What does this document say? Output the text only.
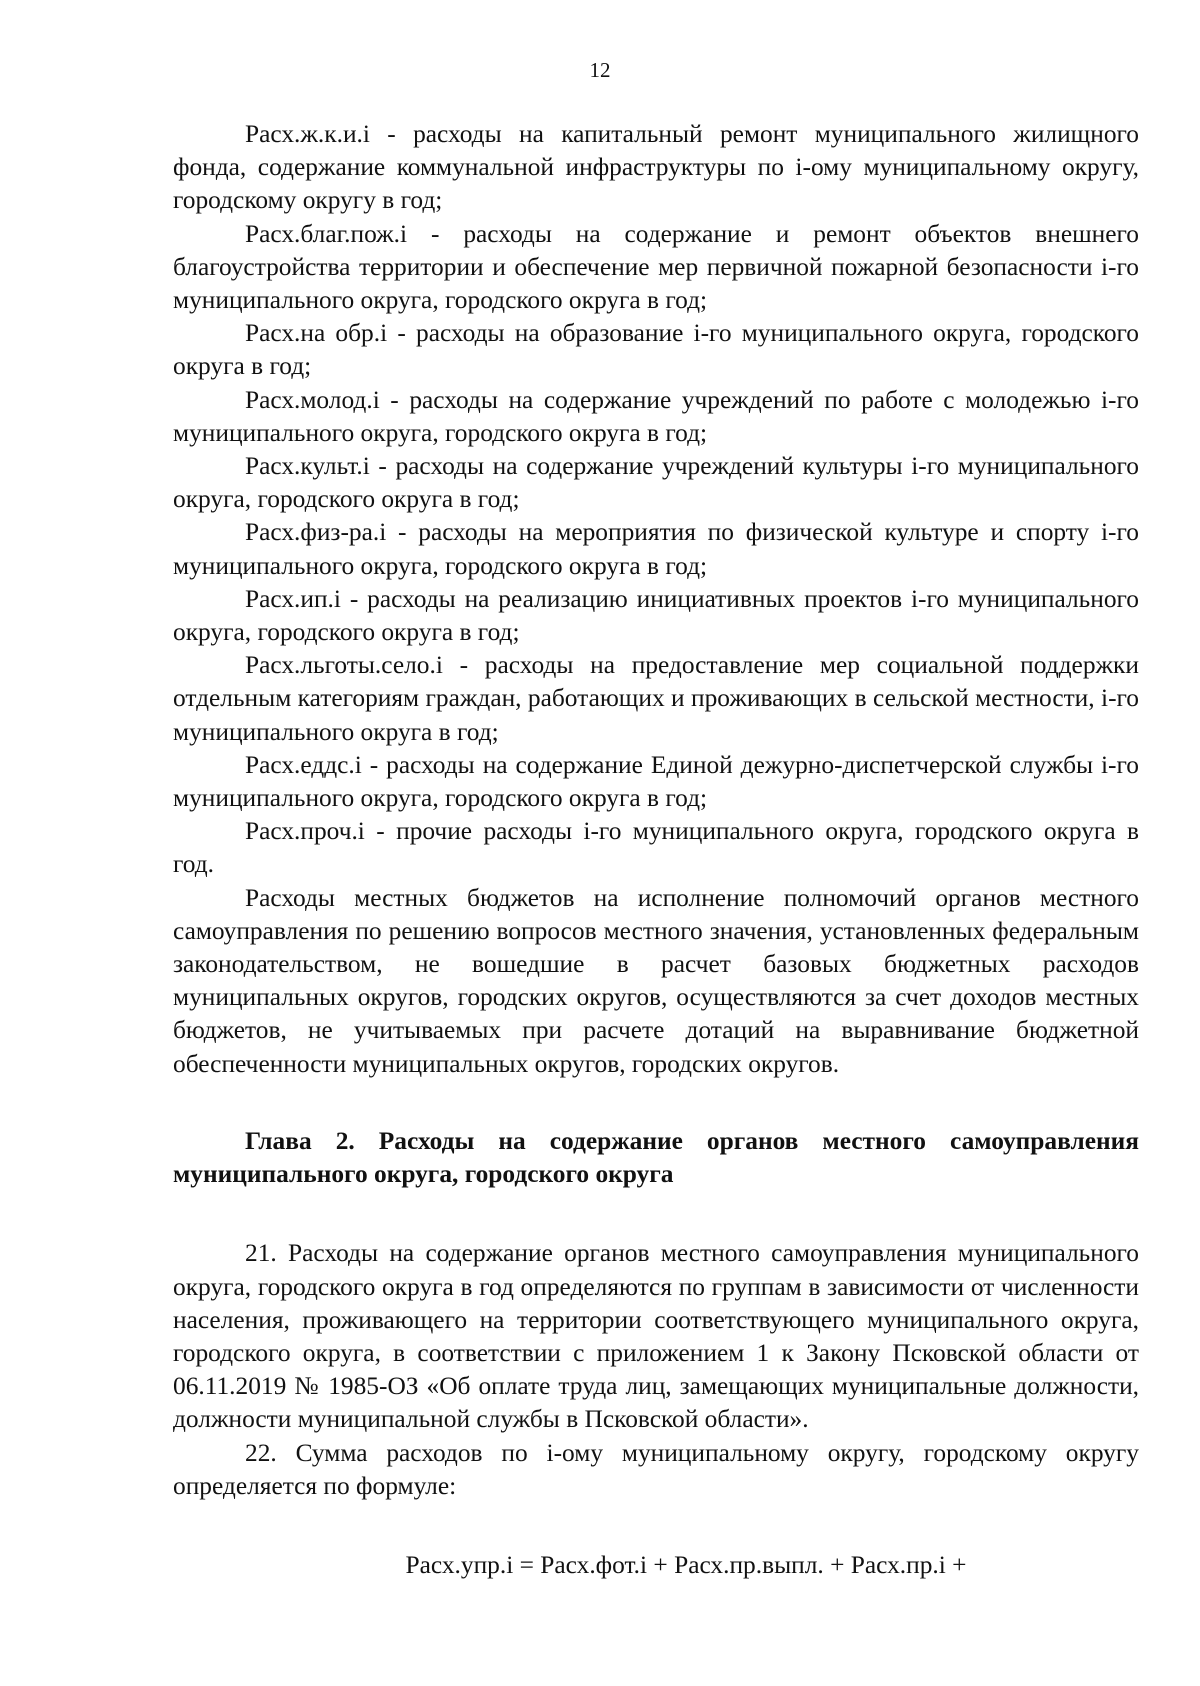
12

Расх.ж.к.и.i - расходы на капитальный ремонт муниципального жилищного фонда, содержание коммунальной инфраструктуры по i-ому муниципальному округу, городскому округу в год;

Расх.благ.пож.i - расходы на содержание и ремонт объектов внешнего благоустройства территории и обеспечение мер первичной пожарной безопасности i-го муниципального округа, городского округа в год;

Расх.на обр.i - расходы на образование i-го муниципального округа, городского округа в год;

Расх.молод.i - расходы на содержание учреждений по работе с молодежью i-го муниципального округа, городского округа в год;

Расх.культ.i - расходы на содержание учреждений культуры i-го муниципального округа, городского округа в год;

Расх.физ-ра.i - расходы на мероприятия по физической культуре и спорту i-го муниципального округа, городского округа в год;

Расх.ип.i - расходы на реализацию инициативных проектов i-го муниципального округа, городского округа в год;

Расх.льготы.село.i - расходы на предоставление мер социальной поддержки отдельным категориям граждан, работающих и проживающих в сельской местности, i-го муниципального округа в год;

Расх.еддс.i - расходы на содержание Единой дежурно-диспетчерской службы i-го муниципального округа, городского округа в год;

Расх.проч.i - прочие расходы i-го муниципального округа, городского округа в год.

Расходы местных бюджетов на исполнение полномочий органов местного самоуправления по решению вопросов местного значения, установленных федеральным законодательством, не вошедшие в расчет базовых бюджетных расходов муниципальных округов, городских округов, осуществляются за счет доходов местных бюджетов, не учитываемых при расчете дотаций на выравнивание бюджетной обеспеченности муниципальных округов, городских округов.

Глава 2. Расходы на содержание органов местного самоуправления муниципального округа, городского округа

21. Расходы на содержание органов местного самоуправления муниципального округа, городского округа в год определяются по группам в зависимости от численности населения, проживающего на территории соответствующего муниципального округа, городского округа, в соответствии с приложением 1 к Закону Псковской области от 06.11.2019 № 1985-ОЗ «Об оплате труда лиц, замещающих муниципальные должности, должности муниципальной службы в Псковской области».

22. Сумма расходов по i-ому муниципальному округу, городскому округу определяется по формуле:

Расх.упр.i = Расх.фот.i + Расх.пр.выпл. + Расх.пр.i +
